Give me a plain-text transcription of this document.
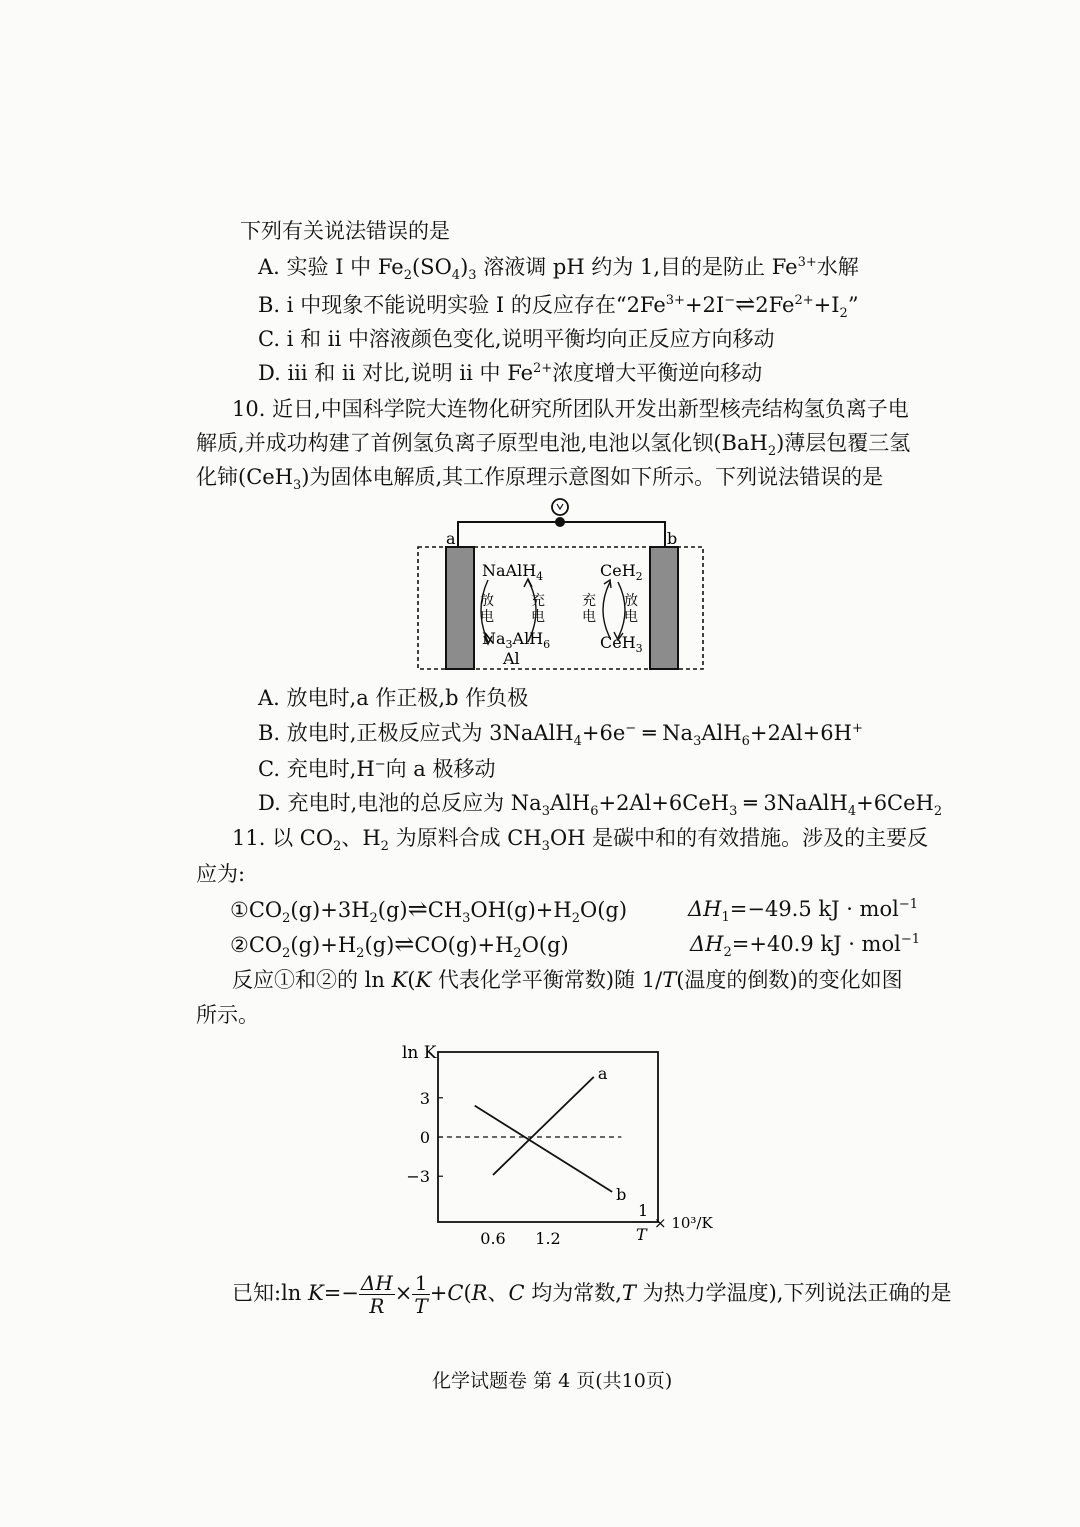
下列有关说法错误的是
A. 实验 I 中 $Fe_2(SO_4)_3$ 溶液调 pH 约为 1,目的是防止 $Fe^{3+}$水解
B. i 中现象不能说明实验 I 的反应存在“$2Fe^{3+}+2I^-\rightleftharpoons 2Fe^{2+}+I_2$”
C. i 和 ii 中溶液颜色变化,说明平衡均向正反应方向移动
D. iii 和 ii 对比,说明 ii 中 $Fe^{2+}$浓度增大平衡逆向移动
10. 近日,中国科学院大连物化研究所团队开发出新型核壳结构氢负离子电
解质,并成功构建了首例氢负离子原型电池,电池以氢化钡(BaH$_2$)薄层包覆三氢
化铈(CeH$_3$)为固体电解质,其工作原理示意图如下所示。下列说法错误的是
a	b
NaAlH$_4$
$Na_3AlH_6$
Al
放
电
充
电
CeH$_2$
CeH$_3$
充
电
放
电
A. 放电时,a 作正极,b 作负极
B. 放电时,正极反应式为 3NaAlH$_4$+6e− ═ $Na_3AlH_6+2Al+6H^+$
C. 充电时,H−向 a 极移动
D. 充电时,电池的总反应为 $Na_3AlH_6+2Al+6CeH_3$ ═ 3NaAlH$_4$+6CeH$_2$
11. 以 $CO_2$、$H_2$ 为原料合成 $CH_3OH$ 是碳中和的有效措施。涉及的主要反
应为:
$①CO_2(g)+3H_2(g)\rightleftharpoons CH_3OH(g)+H_2O(g)$	$\Delta H_1=-49.5$ kJ · mol$^{-1}$
$②CO_2(g)+H_2(g)\rightleftharpoons CO(g)+H_2O(g)$	$\Delta H_2=+40.9$ kJ · mol$^{-1}$
反应①和②的 ln K(K 代表化学平衡常数)随 1/T(温度的倒数)的变化如图
所示。
ln K
3
0
−3
0.6 1.2
a
b
1
T
× 10³/K
已知:ln $K=- \frac{\Delta H}{R} \times \frac{1}{T} +C(R$、C 均为常数,T 为热力学温度),下列说法正确的是
化学试题卷 第 4 页(共10页)
